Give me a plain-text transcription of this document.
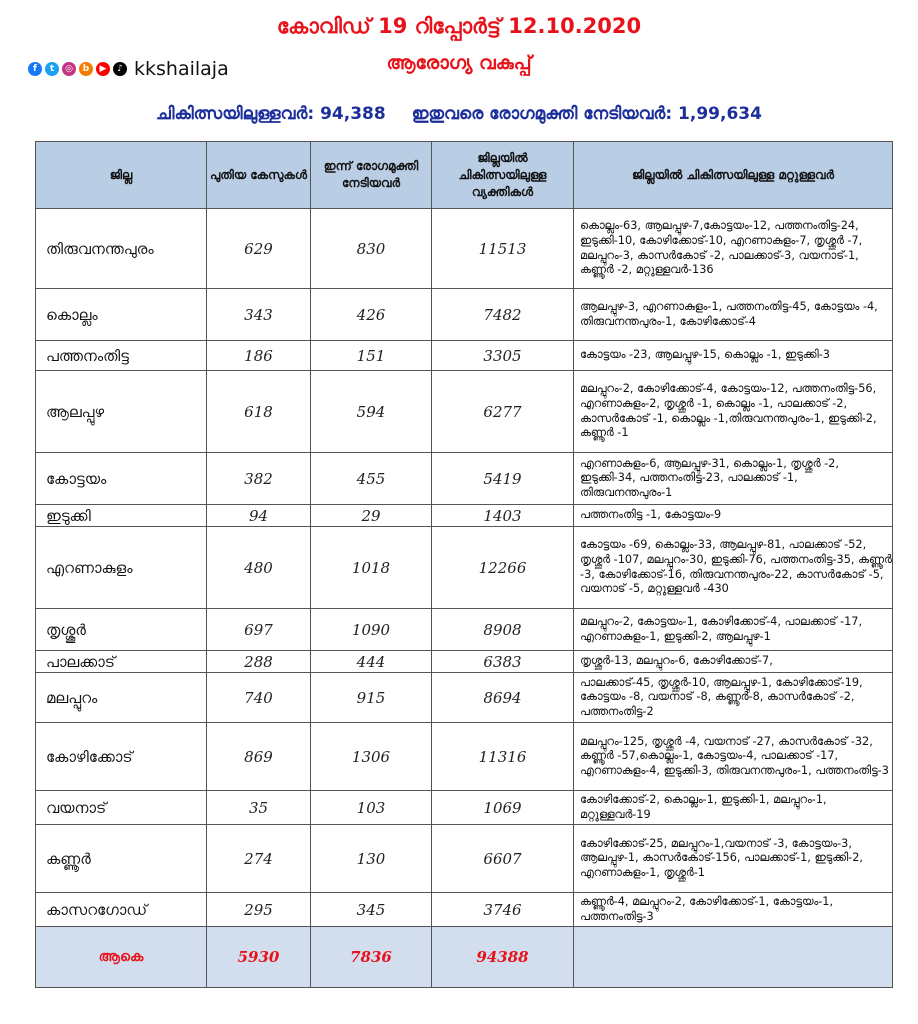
കോവിഡ് 19 റിപ്പോർട്ട് 12.10.2020
ആരോഗ്യ വകുപ്പ്
f	t	◎	b	▶	♪ kkshailaja
ചികിത്സയിലുള്ളവർ: 94,388 ഇതുവരെ രോഗമുക്തി നേടിയവർ: 1,99,634
ജില്ല	പുതിയ കേസുകൾ	ഇന്ന് രോഗമുക്തി നേടിയവർ	ജില്ലയിൽ ചികിത്സയിലുള്ള വ്യക്തികൾ	ജില്ലയിൽ ചികിത്സയിലുള്ള മറ്റുള്ളവർ
തിരുവനന്തപുരം	629	830	11513	കൊല്ലം-63, ആലപ്പുഴ-7,കോട്ടയം-12, പത്തനംതിട്ട-24, ഇടുക്കി-10, കോഴിക്കോട്-10, എറണാകുളം-7, തൃശ്ശൂർ -7, മലപ്പുറം-3, കാസർകോട് -2, പാലക്കാട്-3, വയനാട്-1, കണ്ണൂർ -2, മറ്റുള്ളവർ-136
കൊല്ലം	343	426	7482	ആലപ്പുഴ-3, എറണാകുളം-1, പത്തനംതിട്ട-45, കോട്ടയം -4, തിരുവനന്തപുരം-1, കോഴിക്കോട്-4
പത്തനംതിട്ട	186	151	3305	കോട്ടയം -23, ആലപ്പുഴ-15, കൊല്ലം -1, ഇടുക്കി-3
ആലപ്പുഴ	618	594	6277	മലപ്പുറം-2, കോഴിക്കോട്-4, കോട്ടയം-12, പത്തനംതിട്ട-56, എറണാകുളം-2, തൃശ്ശൂർ -1, കൊല്ലം -1, പാലക്കാട് -2, കാസർകോട് -1, കൊല്ലം -1,തിരുവനന്തപുരം-1, ഇടുക്കി-2, കണ്ണൂർ -1
കോട്ടയം	382	455	5419	എറണാകുളം-6, ആലപ്പുഴ-31, കൊല്ലം-1, തൃശ്ശൂർ -2, ഇടുക്കി-34, പത്തനംതിട്ട-23, പാലക്കാട് -1, തിരുവനന്തപുരം-1
ഇടുക്കി	94	29	1403	പത്തനംതിട്ട -1, കോട്ടയം-9
എറണാകുളം	480	1018	12266	കോട്ടയം -69, കൊല്ലം-33, ആലപ്പുഴ-81, പാലക്കാട് -52, തൃശ്ശൂർ -107, മലപ്പുറം-30, ഇടുക്കി-76, പത്തനംതിട്ട-35, കണ്ണൂർ -3, കോഴിക്കോട്-16, തിരുവനന്തപുരം-22, കാസർകോട് -5, വയനാട് -5, മറ്റുള്ളവർ -430
തൃശ്ശൂർ	697	1090	8908	മലപ്പുറം-2, കോട്ടയം-1, കോഴിക്കോട്-4, പാലക്കാട് -17, എറണാകുളം-1, ഇടുക്കി-2, ആലപ്പുഴ-1
പാലക്കാട്	288	444	6383	തൃശ്ശൂർ-13, മലപ്പുറം-6, കോഴിക്കോട്-7,
മലപ്പുറം	740	915	8694	പാലക്കാട്-45, തൃശ്ശൂർ-10, ആലപ്പുഴ-1, കോഴിക്കോട്-19, കോട്ടയം -8, വയനാട് -8, കണ്ണൂർ-8, കാസർകോട് -2, പത്തനംതിട്ട-2
കോഴിക്കോട്	869	1306	11316	മലപ്പുറം-125, തൃശ്ശൂർ -4, വയനാട് -27, കാസർകോട് -32, കണ്ണൂർ -57,കൊല്ലം-1, കോട്ടയം-4, പാലക്കാട് -17, എറണാകുളം-4, ഇടുക്കി-3, തിരുവനന്തപുരം-1, പത്തനംതിട്ട-3
വയനാട്	35	103	1069	കോഴിക്കോട്-2, കൊല്ലം-1, ഇടുക്കി-1, മലപ്പുറം-1, മറ്റുള്ളവർ-19
കണ്ണൂർ	274	130	6607	കോഴിക്കോട്-25, മലപ്പുറം-1,വയനാട് -3, കോട്ടയം-3, ആലപ്പുഴ-1, കാസർകോട്-156, പാലക്കാട്-1, ഇടുക്കി-2, എറണാകുളം-1, തൃശ്ശൂർ-1
കാസറഗോഡ്	295	345	3746	കണ്ണൂർ-4, മലപ്പുറം-2, കോഴിക്കോട്-1, കോട്ടയം-1, പത്തനംതിട്ട-3
ആകെ	5930	7836	94388	
